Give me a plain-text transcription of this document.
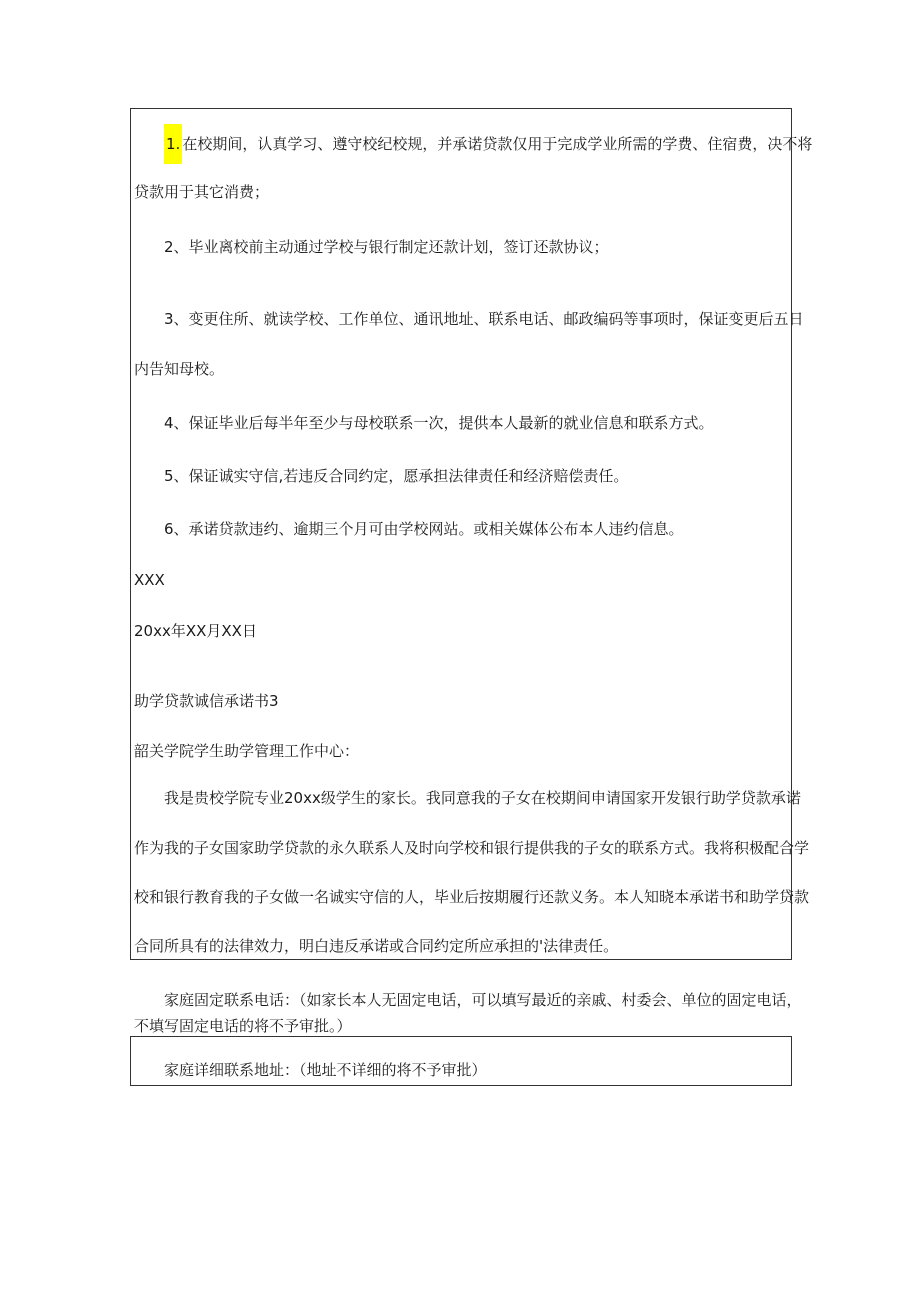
1. 在校期间，认真学习、遵守校纪校规，并承诺贷款仅用于完成学业所需的学费、住宿费，决不将
贷款用于其它消费；
2、毕业离校前主动通过学校与银行制定还款计划，签订还款协议；
3、变更住所、就读学校、工作单位、通讯地址、联系电话、邮政编码等事项时，保证变更后五日
内告知母校。
4、保证毕业后每半年至少与母校联系一次，提供本人最新的就业信息和联系方式。
5、保证诚实守信,若违反合同约定，愿承担法律责任和经济赔偿责任。
6、承诺贷款违约、逾期三个月可由学校网站。或相关媒体公布本人违约信息。
XXX
20xx年XX月XX日
助学贷款诚信承诺书3
韶关学院学生助学管理工作中心：
我是贵校学院专业20xx级学生的家长。我同意我的子女在校期间申请国家开发银行助学贷款承诺
作为我的子女国家助学贷款的永久联系人及时向学校和银行提供我的子女的联系方式。我将积极配合学
校和银行教育我的子女做一名诚实守信的人，毕业后按期履行还款义务。本人知晓本承诺书和助学贷款
合同所具有的法律效力，明白违反承诺或合同约定所应承担的'法律责任。
家庭固定联系电话：（如家长本人无固定电话，可以填写最近的亲戚、村委会、单位的固定电话，
不填写固定电话的将不予审批。）
家庭详细联系地址：（地址不详细的将不予审批）
